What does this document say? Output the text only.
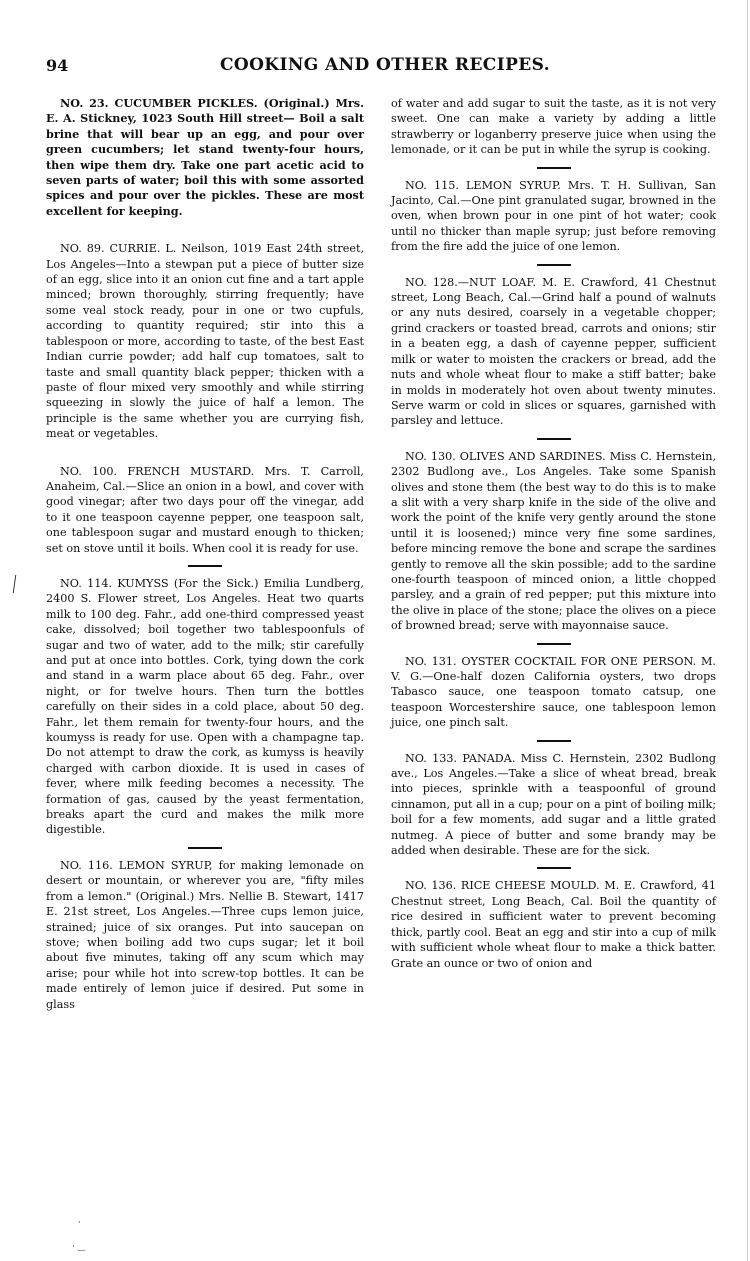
94	COOKING AND OTHER RECIPES.

NO. 23. CUCUMBER PICKLES. (Original.) Mrs. E. A. Stickney, 1023 South Hill street— Boil a salt brine that will bear up an egg, and pour over green cucumbers; let stand twenty-four hours, then wipe them dry. Take one part acetic acid to seven parts of water; boil this with some assorted spices and pour over the pickles. These are most excellent for keeping.

NO. 89. CURRIE. L. Neilson, 1019 East 24th street, Los Angeles—Into a stewpan put a piece of butter size of an egg, slice into it an onion cut fine and a tart apple minced; brown thoroughly, stirring frequently; have some veal stock ready, pour in one or two cupfuls, according to quantity required; stir into this a tablespoon or more, according to taste, of the best East Indian currie powder; add half cup tomatoes, salt to taste and small quantity black pepper; thicken with a paste of flour mixed very smoothly and while stirring squeezing in slowly the juice of half a lemon. The principle is the same whether you are currying fish, meat or vegetables.

NO. 100. FRENCH MUSTARD. Mrs. T. Carroll, Anaheim, Cal.—Slice an onion in a bowl, and cover with good vinegar; after two days pour off the vinegar, add to it one teaspoon cayenne pepper, one teaspoon salt, one tablespoon sugar and mustard enough to thicken; set on stove until it boils. When cool it is ready for use.

NO. 114. KUMYSS (For the Sick.) Emilia Lundberg, 2400 S. Flower street, Los Angeles. Heat two quarts milk to 100 deg. Fahr., add one-third compressed yeast cake, dissolved; boil together two tablespoonfuls of sugar and two of water, add to the milk; stir carefully and put at once into bottles. Cork, tying down the cork and stand in a warm place about 65 deg. Fahr., over night, or for twelve hours. Then turn the bottles carefully on their sides in a cold place, about 50 deg. Fahr., let them remain for twenty-four hours, and the koumyss is ready for use. Open with a champagne tap. Do not attempt to draw the cork, as kumyss is heavily charged with carbon dioxide. It is used in cases of fever, where milk feeding becomes a necessity. The formation of gas, caused by the yeast fermentation, breaks apart the curd and makes the milk more digestible.

NO. 116. LEMON SYRUP, for making lemonade on desert or mountain, or wherever you are, "fifty miles from a lemon." (Original.) Mrs. Nellie B. Stewart, 1417 E. 21st street, Los Angeles.—Three cups lemon juice, strained; juice of six oranges. Put into saucepan on stove; when boiling add two cups sugar; let it boil about five minutes, taking off any scum which may arise; pour while hot into screw-top bottles. It can be made entirely of lemon juice if desired. Put some in glass

of water and add sugar to suit the taste, as it is not very sweet. One can make a variety by adding a little strawberry or loganberry preserve juice when using the lemonade, or it can be put in while the syrup is cooking.

NO. 115. LEMON SYRUP. Mrs. T. H. Sullivan, San Jacinto, Cal.—One pint granulated sugar, browned in the oven, when brown pour in one pint of hot water; cook until no thicker than maple syrup; just before removing from the fire add the juice of one lemon.

NO. 128.—NUT LOAF. M. E. Crawford, 41 Chestnut street, Long Beach, Cal.—Grind half a pound of walnuts or any nuts desired, coarsely in a vegetable chopper; grind crackers or toasted bread, carrots and onions; stir in a beaten egg, a dash of cayenne pepper, sufficient milk or water to moisten the crackers or bread, add the nuts and whole wheat flour to make a stiff batter; bake in molds in moderately hot oven about twenty minutes. Serve warm or cold in slices or squares, garnished with parsley and lettuce.

NO. 130. OLIVES AND SARDINES. Miss C. Hernstein, 2302 Budlong ave., Los Angeles. Take some Spanish olives and stone them (the best way to do this is to make a slit with a very sharp knife in the side of the olive and work the point of the knife very gently around the stone until it is loosened;) mince very fine some sardines, before mincing remove the bone and scrape the sardines gently to remove all the skin possible; add to the sardine one-fourth teaspoon of minced onion, a little chopped parsley, and a grain of red pepper; put this mixture into the olive in place of the stone; place the olives on a piece of browned bread; serve with mayonnaise sauce.

NO. 131. OYSTER COCKTAIL FOR ONE PERSON. M. V. G.—One-half dozen California oysters, two drops Tabasco sauce, one teaspoon tomato catsup, one teaspoon Worcestershire sauce, one tablespoon lemon juice, one pinch salt.

NO. 133. PANADA. Miss C. Hernstein, 2302 Budlong ave., Los Angeles.—Take a slice of wheat bread, break into pieces, sprinkle with a teaspoonful of ground cinnamon, put all in a cup; pour on a pint of boiling milk; boil for a few moments, add sugar and a little grated nutmeg. A piece of butter and some brandy may be added when desirable. These are for the sick.

NO. 136. RICE CHEESE MOULD. M. E. Crawford, 41 Chestnut street, Long Beach, Cal. Boil the quantity of rice desired in sufficient water to prevent becoming thick, partly cool. Beat an egg and stir into a cup of milk with sufficient whole wheat flour to make a thick batter. Grate an ounce or two of onion and

·
· ‿
